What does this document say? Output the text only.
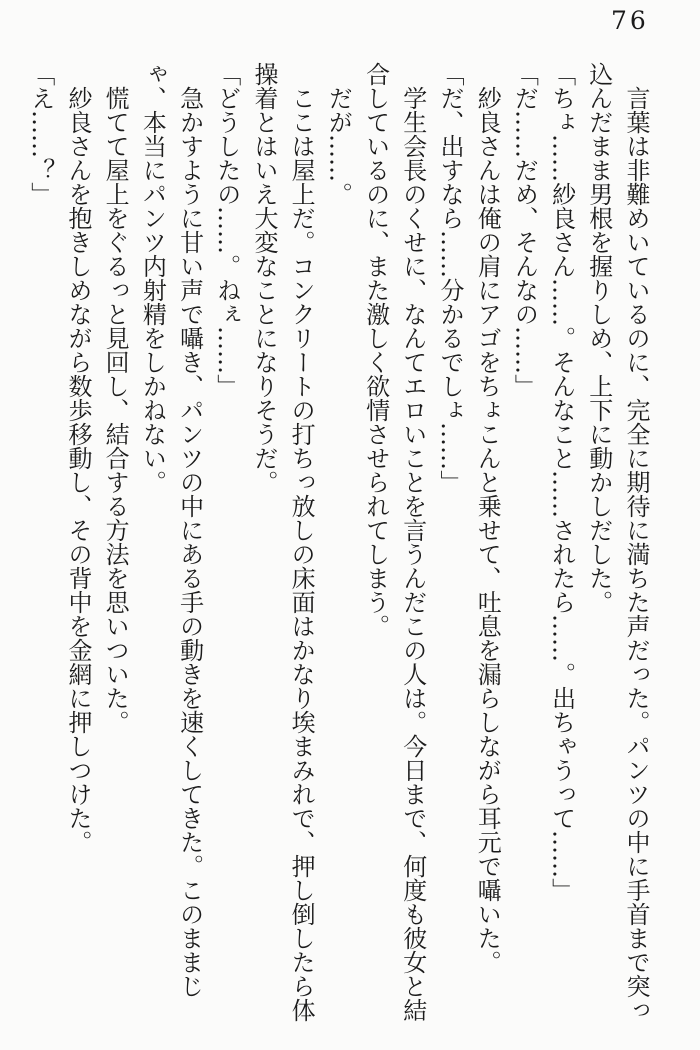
76

言葉は非難めいているのに、完全に期待に満ちた声だった。パンツの中に手首まで突っ込んだまま男根を握りしめ、上下に動かしだした。

「ちょ……紗良さん……。そんなこと……されたら……。出ちゃうって……」

「だ……だめ、そんなの……」

紗良さんは俺の肩にアゴをちょこんと乗せて、吐息を漏らしながら耳元で囁いた。

「だ、出すなら……分かるでしょ……」

学生会長のくせに、なんてエロいことを言うんだこの人は。今日まで、何度も彼女と結合しているのに、また激しく欲情させられてしまう。

だが……。

ここは屋上だ。コンクリートの打ちっ放しの床面はかなり埃まみれで、押し倒したら体操着とはいえ大変なことになりそうだ。

「どうしたの……。ねぇ……」

急かすように甘い声で囁き、パンツの中にある手の動きを速くしてきた。このままじゃ、本当にパンツ内射精をしかねない。

慌てて屋上をぐるっと見回し、結合する方法を思いついた。

紗良さんを抱きしめながら数歩移動し、その背中を金網に押しつけた。

「え……？」
